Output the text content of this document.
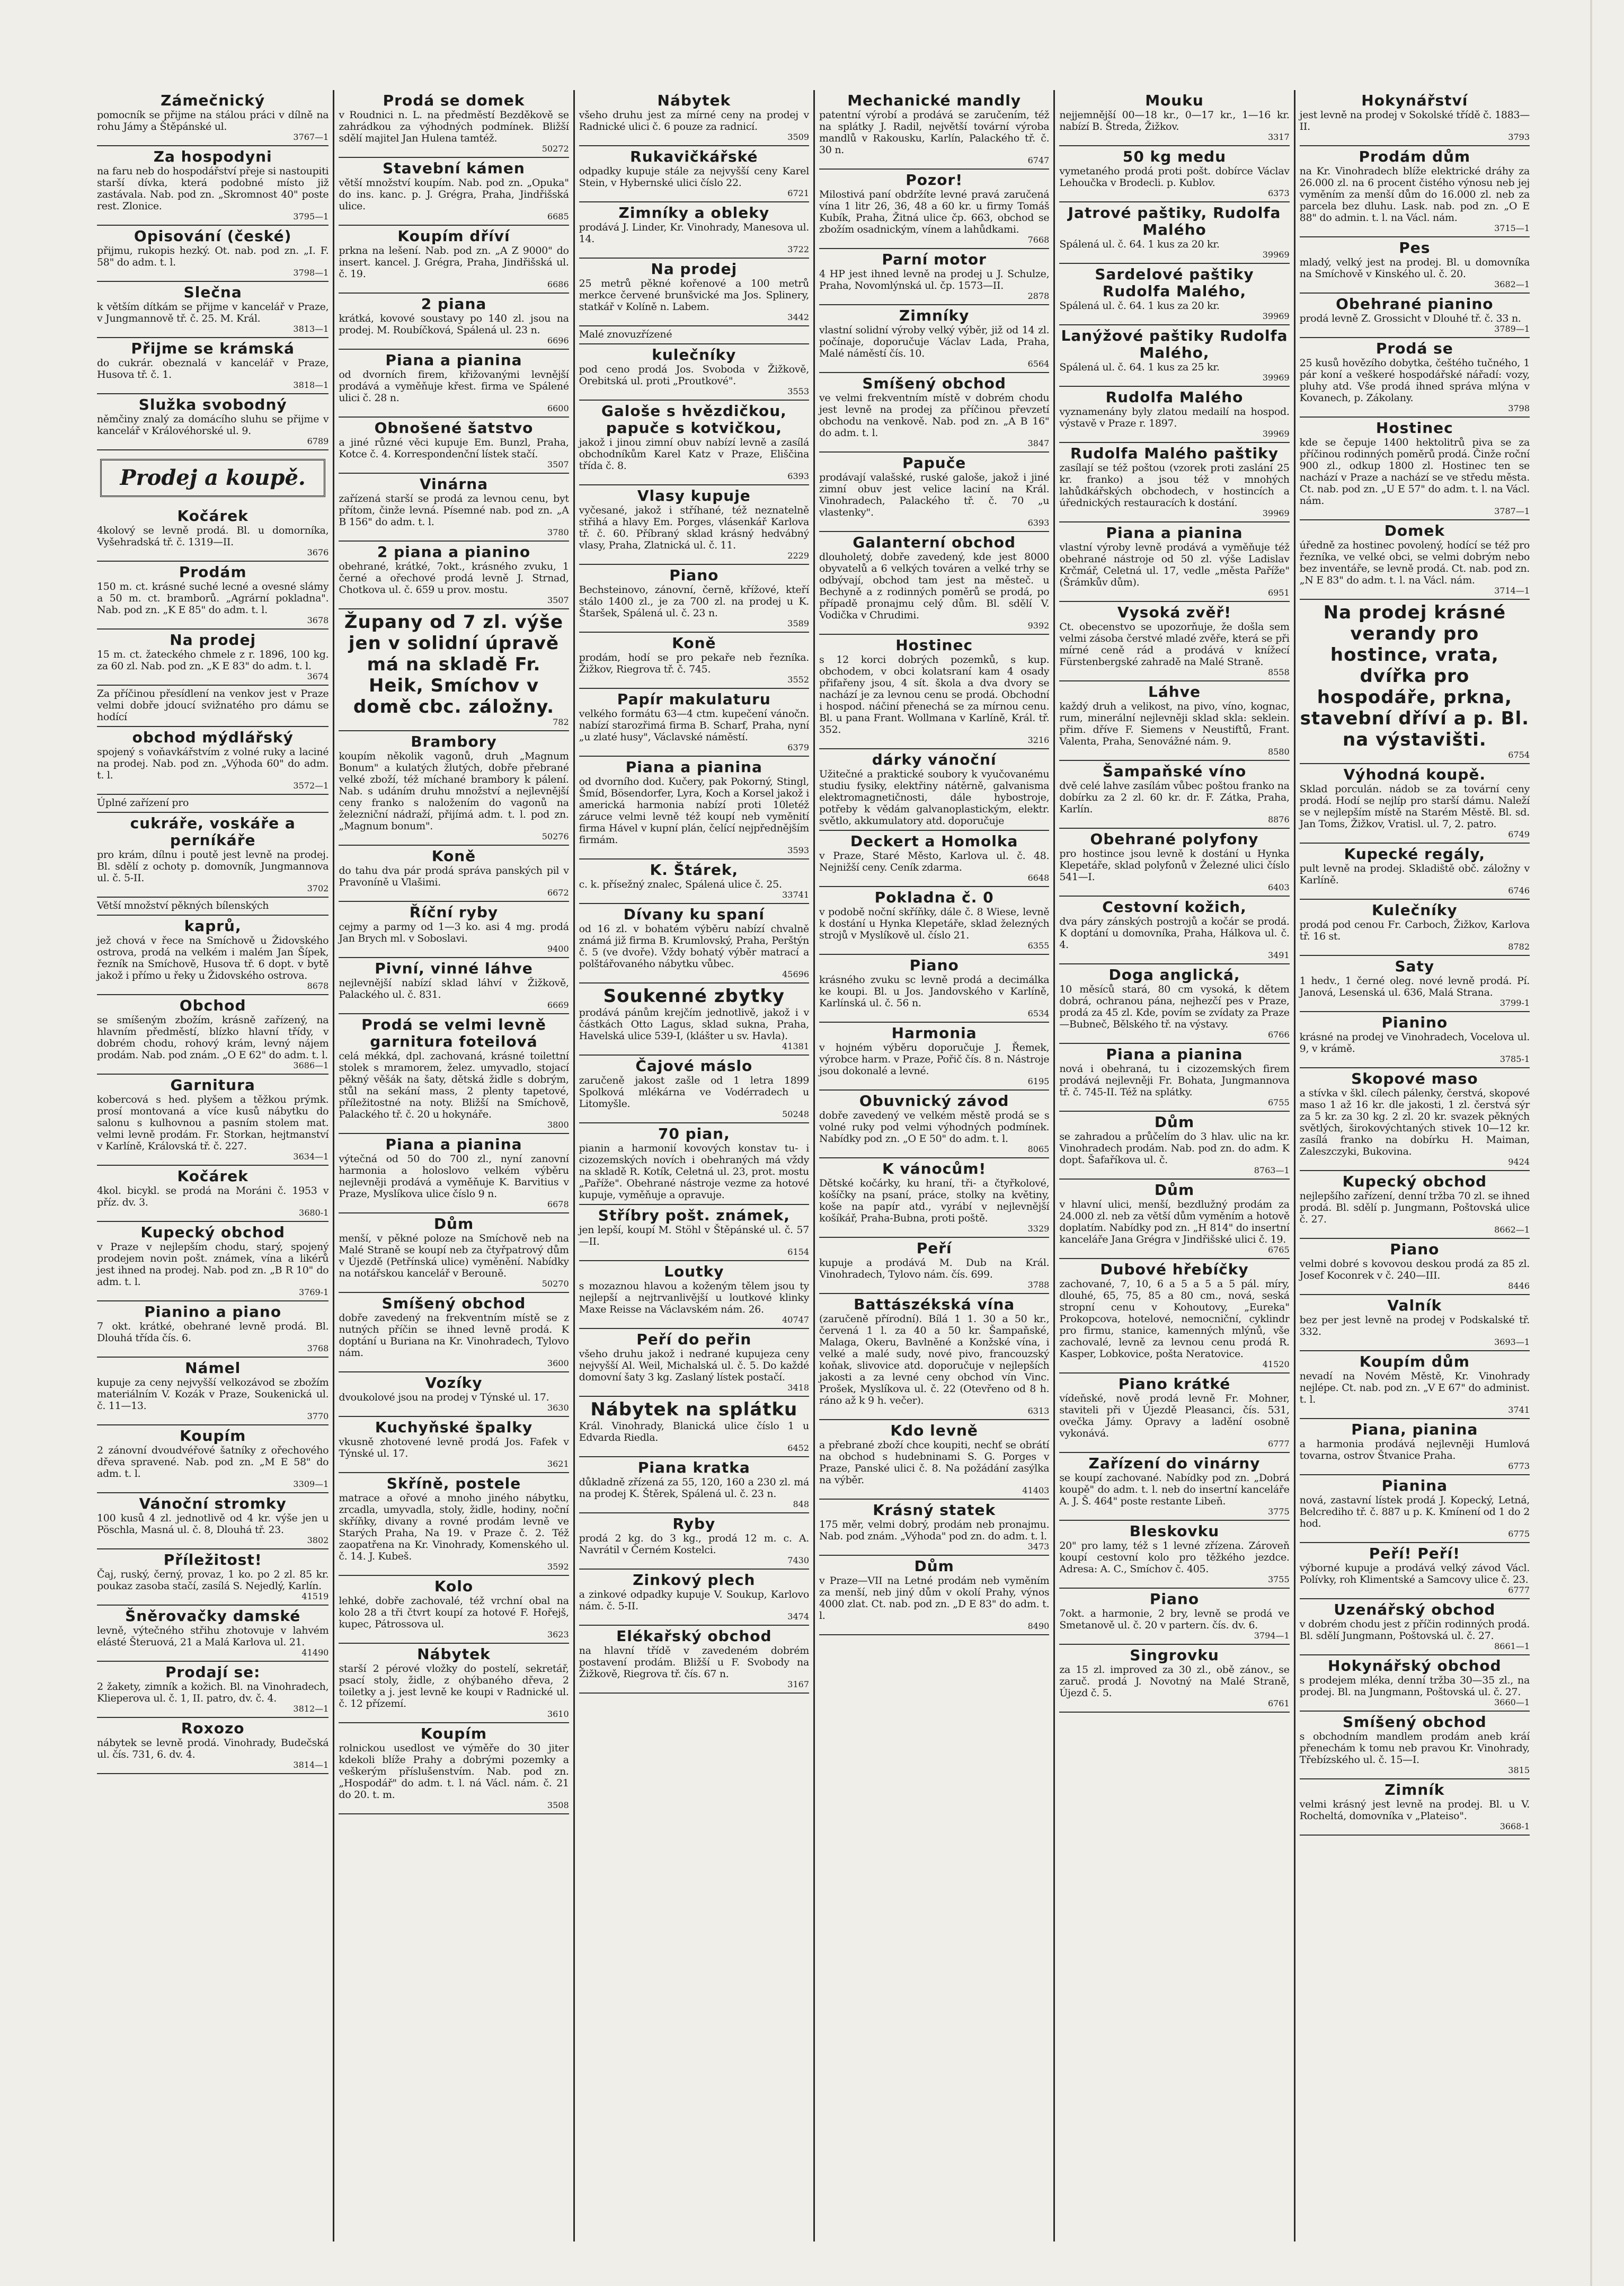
Zámečnický
pomocník se přijme na stálou práci v dílně na rohu Jámy a Štěpánské ul.
3767—1
Za hospodyni
na faru neb do hospodářství přeje si nastoupiti starší dívka, která podobné místo již zastávala. Nab. pod zn. „Skromnost 40" poste rest. Zlonice.
3795—1
Opisování (české)
přijmu, rukopis hezký. Ot. nab. pod zn. „I. F. 58" do adm. t. l.
3798—1
Slečna
k větším dítkám se přijme v kancelář v Praze, v Jungmannově tř. č. 25. M. Král.
3813—1
Přijme se krámská
do cukrár. obeznalá v kancelář v Praze, Husova tř. č. 1.
3818—1
Služka svobodný
němčiny znalý za domácího sluhu se přijme v kancelář v Královéhorské ul. 9.
6789
Prodej a koupě.
Kočárek
4kolový se levně prodá. Bl. u domorníka, Vyšehradská tř. č. 1319—II.
3676
Prodám
150 m. ct. krásné suché lecné a ovesné slámy a 50 m. ct. bramborů. „Agrární pokladna". Nab. pod zn. „K E 85" do adm. t. l.
3678
Na prodej
15 m. ct. žateckého chmele z r. 1896, 100 kg. za 60 zl. Nab. pod zn. „K E 83" do adm. t. l.
3674
Za příčinou přesídlení na venkov jest v Praze velmi dobře jdoucí svižnatého pro dámu se hodící
obchod mýdlářský
spojený s voňavkářstvím z volné ruky a laciné na prodej. Nab. pod zn. „Výhoda 60" do adm. t. l.
3572—1
Úplné zařízení pro
cukráře, voskáře a perníkáře
pro krám, dílnu i poutě jest levně na prodej. Bl. sdělí z ochoty p. domovník, Jungmannova ul. č. 5-II.
3702
Větší množství pěkných bílenských
kaprů,
jež chová v řece na Smíchově u Židovského ostrova, prodá na velkém i malém Jan Šípek, řezník na Smíchově, Husova tř. 6 dopt. v bytě jakož i přímo u řeky u Židovského ostrova.
8678
Obchod
se smíšeným zbožím, krásně zařízený, na hlavním předměstí, blízko hlavní třídy, v dobrém chodu, rohový krám, levný nájem prodám. Nab. pod znám. „O E 62" do adm. t. l.
3686—1
Garnitura
kobercová s hed. plyšem a těžkou prýmk. prosí montovaná a více kusů nábytku do salonu s kulhovnou a pasním stolem mat. velmi levně prodám. Fr. Storkan, hejtmanství v Karlíně, Královská tř. č. 227.
3634—1
Kočárek
4kol. bicykl. se prodá na Moráni č. 1953 v příz. dv. 3.
3680-1
Kupecký obchod
v Praze v nejlepším chodu, starý, spojený prodejem novin pošt. známek, vína a likérů jest ihned na prodej. Nab. pod zn. „B R 10" do adm. t. l.
3769-1
Pianino a piano
7 okt. krátké, obehrané levně prodá. Bl. Dlouhá třída čís. 6.
3768
Námel
kupuje za ceny nejvyšší velkozávod se zbožím materiálním V. Kozák v Praze, Soukenická ul. č. 11—13.
3770
Koupím
2 zánovní dvoudvéřové šatníky z ořechového dřeva spravené. Nab. pod zn. „M E 58" do adm. t. l.
3309—1
Vánoční stromky
100 kusů 4 zl. jednotlivě od 4 kr. výše jen u Pöschla, Masná ul. č. 8, Dlouhá tř. 23.
3802
Příležitost!
Čaj, ruský, černý, provaz, 1 ko. po 2 zl. 85 kr. poukaz zasoba stačí, zasílá S. Nejedlý, Karlín.
41519
Šněrovačky damské
levně, výtečného střihu zhotovuje v lahvém elásté Šteruová, 21 a Malá Karlova ul. 21.
41490
Prodají se:
2 žakety, zimník a kožich. Bl. na Vinohradech, Klieperova ul. č. 1, II. patro, dv. č. 4.
3812—1
Roxozo
nábytek se levně prodá. Vinohrady, Budečská ul. čís. 731, 6. dv. 4.
3814—1
Prodá se domek
v Roudnici n. L. na předměstí Bezděkově se zahrádkou za výhodných podmínek. Bližší sdělí majitel Jan Hulena tamtéž.
50272
Stavební kámen
větší množství koupím. Nab. pod zn. „Opuka" do ins. kanc. p. J. Grégra, Praha, Jindřišská ulice.
6685
Koupím dříví
prkna na lešení. Nab. pod zn. „A Z 9000" do insert. kancel. J. Grégra, Praha, Jindřišská ul. č. 19.
6686
2 piana
krátká, kovové soustavy po 140 zl. jsou na prodej. M. Roubíčková, Spálená ul. 23 n.
6696
Piana a pianina
od dvorních firem, křižovanými levnější prodává a vyměňuje křest. firma ve Spálené ulici č. 28 n.
6600
Obnošené šatstvo
a jiné různé věci kupuje Em. Bunzl, Praha, Kotce č. 4. Korrespondenční lístek stačí.
3507
Vinárna
zařízená starší se prodá za levnou cenu, byt přítom, činže levná. Písemné nab. pod zn. „A B 156" do adm. t. l.
3780
2 piana a pianino
obehrané, krátké, 7okt., krásného zvuku, 1 černé a ořechové prodá levně J. Strnad, Chotkova ul. č. 659 u prov. mostu.
3507
Župany od 7 zl. výše jen v solidní úpravě má na skladě Fr. Heik, Smíchov v domě cbc. záložny.
782
Brambory
koupím několik vagonů, druh „Magnum Bonum" a kulatých žlutých, dobře přebrané velké zboží, též míchané brambory k pálení. Nab. s udáním druhu množství a nejlevnější ceny franko s naložením do vagonů na železniční nádraží, přijímá adm. t. l. pod zn. „Magnum bonum".
50276
Koně
do tahu dva pár prodá správa panských pil v Pravoníně u Vlašimi.
6672
Říční ryby
cejmy a parmy od 1—3 ko. asi 4 mg. prodá Jan Brych ml. v Soboslavi.
9400
Pivní, vinné láhve
nejlevnější nabízí sklad láhví v Žižkově, Palackého ul. č. 831.
6669
Prodá se velmi levně garnitura foteilová
celá mékká, dpl. zachovaná, krásné toilettní stolek s mramorem, želez. umyvadlo, stojací pěkný věšák na šaty, dětská židle s dobrým, stůl na sekání mass, 2 plenty tapetové, příležitostné na noty. Bližší na Smíchově, Palackého tř. č. 20 u hokynáře.
3800
Piana a pianina
výtečná od 50 do 700 zl., nyní zanovní harmonia a holoslovo velkém výběru nejlevněji prodává a vyměňuje K. Barvitius v Praze, Myslíkova ulice číslo 9 n.
6678
Dům
menší, v pěkné poloze na Smíchově neb na Malé Straně se koupí neb za čtyřpatrový dům v Újezdě (Petřínská ulice) vyměnění. Nabídky na notářskou kancelář v Berouně.
50270
Smíšený obchod
dobře zavedený na frekventním místě se z nutných příčin se ihned levně prodá. K doptání u Buriana na Kr. Vinohradech, Tylovo nám.
3600
Vozíky
dvoukolové jsou na prodej v Týnské ul. 17.
3630
Kuchyňské špalky
vkusně zhotovené levně prodá Jos. Fafek v Týnské ul. 17.
3621
Skříně, postele
matrace a ořové a mnoho jiného nábytku, zrcadla, umyvadla, stoly, židle, hodiny, noční skříňky, divany a rovné prodám levně ve Starých Praha, Na 19. v Praze č. 2. Též zaopatřena na Kr. Vinohrady, Komenského ul. č. 14. J. Kubeš.
3592
Kolo
lehké, dobře zachovalé, též vrchní obal na kolo 28 a tři čtvrt koupí za hotové F. Hořejš, kupec, Pátrossova ul.
3623
Nábytek
starší 2 pérové vložky do postelí, sekretář, psací stoly, židle, z ohýbaného dřeva, 2 toiletky a j. jest levně ke koupi v Radnické ul. č. 12 přízemí.
3610
Koupím
rolnickou usedlost ve výměře do 30 jiter kdekoli blíže Prahy a dobrými pozemky a veškerým příslušenstvím. Nab. pod zn. „Hospodář" do adm. t. l. ná Václ. nám. č. 21 do 20. t. m.
3508
Nábytek
všeho druhu jest za mírné ceny na prodej v Radnické ulici č. 6 pouze za radnicí.
3509
Rukavičkářské
odpadky kupuje stále za nejvyšší ceny Karel Stein, v Hybernské ulici číslo 22.
6721
Zimníky a obleky
prodává J. Linder, Kr. Vinohrady, Manesova ul. 14.
3722
Na prodej
25 metrů pěkné kořenové a 100 metrů merkce červené brunšvické ma Jos. Splinery, statkář v Kolíně n. Labem.
3442
Malé znovuzřízené
kulečníky
pod ceno prodá Jos. Svoboda v Žižkově, Orebitská ul. proti „Proutkové".
3553
Galoše s hvězdičkou, papuče s kotvičkou,
jakož i jinou zimní obuv nabízí levně a zasílá obchodníkům Karel Katz v Praze, Eliščina třída č. 8.
6393
Vlasy kupuje
vyčesané, jakož i stříhané, též neznatelně střihá a hlavy Em. Porges, vlásenkář Karlova tř. č. 60. Příbraný sklad krásný hedvábný vlasy, Praha, Zlatnická ul. č. 11.
2229
Piano
Bechsteinovo, zánovní, černě, křížové, kteří stálo 1400 zl., je za 700 zl. na prodej u K. Štaršek, Spálená ul. č. 23 n.
3589
Koně
prodám, hodí se pro pekaře neb řezníka. Žižkov, Riegrova tř. č. 745.
3552
Papír makulaturu
velkého formátu 63—4 ctm. kupečení vánočn. nabízí starozřimá firma B. Scharf, Praha, nyní „u zlaté husy", Václavské náměstí.
6379
Piana a pianina
od dvorního dod. Kučery, pak Pokorný, Stingl, Šmíd, Bösendorfer, Lyra, Koch a Korsel jakož i americká harmonia nabízí proti 10letéž záruce velmi levně též koupí neb vyměnití firma Hável v kupní plán, čelící nejpřednějším firmám.
3593
K. Štárek,
c. k. přísežný znalec, Spálená ulice č. 25.
33741
Dívany ku spaní
od 16 zl. v bohatém výběru nabízí chvalně známá již firma B. Krumlovský, Praha, Perštýn č. 5 (ve dvoře). Vždy bohatý výběr matrací a polštářovaného nábytku vůbec.
45696
Soukenné zbytky
prodává pánům krejčím jednotlivě, jakož i v částkách Otto Lagus, sklad sukna, Praha, Havelská ulice 539-I, (klášter u sv. Havla).
41381
Čajové máslo
zaručeně jakost zašle od 1 letra 1899 Spolková mlékárna ve Vodérradech u Litomyšle.
50248
70 pian,
pianin a harmonií kovových konstav tu- i cizozemských novích i obehraných má vždy na skladě R. Kotík, Celetná ul. 23, prot. mostu „Paříže". Obehrané nástroje vezme za hotové kupuje, vyměňuje a opravuje.
Stříbry pošt. známek,
jen lepší, koupí M. Stöhl v Štěpánské ul. č. 57—II.
6154
Loutky
s mozaznou hlavou a koženým tělem jsou ty nejlepší a nejtrvanlivější u loutkové klinky Maxe Reisse na Václavském nám. 26.
40747
Peří do peřin
všeho druhu jakož i nedrané kupujeza ceny nejvyšší Al. Weil, Michalská ul. č. 5. Do každé domovní šaty 3 kg. Zaslaný lístek postačí.
3418
Nábytek na splátku
Král. Vinohrady, Blanická ulice číslo 1 u Edvarda Riedla.
6452
Piana kratka
důkladně zřízená za 55, 120, 160 a 230 zl. má na prodej K. Štěrek, Spálená ul. č. 23 n.
848
Ryby
prodá 2 kg. do 3 kg., prodá 12 m. c. A. Navrátil v Černém Kostelci.
7430
Zinkový plech
a zinkové odpadky kupuje V. Soukup, Karlovo nám. č. 5-II.
3474
Elékařský obchod
na hlavní třídě v zavedeném dobrém postavení prodám. Bližší u F. Svobody na Žižkově, Riegrova tř. čís. 67 n.
3167
Mechanické mandly
patentní výrobí a prodává se zaručením, též na splátky J. Radil, největší tovární výroba mandlů v Rakousku, Karlín, Palackého tř. č. 30 n.
6747
Pozor!
Milostivá paní obdržíte levné pravá zaručená vína 1 litr 26, 36, 48 a 60 kr. u firmy Tomáš Kubík, Praha, Žitná ulice čp. 663, obchod se zbožím osadnickým, vínem a lahůdkami.
7668
Parní motor
4 HP jest ihned levně na prodej u J. Schulze, Praha, Novomlýnská ul. čp. 1573—II.
2878
Zimníky
vlastní solidní výroby velký výběr, již od 14 zl. počínaje, doporučuje Václav Lada, Praha, Malé náměstí čís. 10.
6564
Smíšený obchod
ve velmi frekventním místě v dobrém chodu jest levně na prodej za příčinou převzetí obchodu na venkově. Nab. pod zn. „A B 16" do adm. t. l.
3847
Papuče
prodávají valašské, ruské galoše, jakož i jiné zimní obuv jest velice laciní na Král. Vinohradech, Palackého tř. č. 70 „u vlastenky".
6393
Galanterní obchod
dlouholetý, dobře zavedený, kde jest 8000 obyvatelů a 6 velkých továren a velké trhy se odbývají, obchod tam jest na městeč. u Bechyně a z rodinných poměrů se prodá, po případě pronajmu celý dům. Bl. sdělí V. Vodička v Chrudimi.
9392
Hostinec
s 12 korci dobrých pozemků, s kup. obchodem, v obci kolatsraní kam 4 osady přifařeny jsou, 4 sít. škola a dva dvory se nachází je za levnou cenu se prodá. Obchodní i hospod. náčiní přenechá se za mírnou cenu. Bl. u pana Frant. Wollmana v Karlíně, Král. tř. 352.
3216
dárky vánoční
Užitečné a praktické soubory k vyučovanému studiu fysiky, elektřiny nátěrně, galvanisma elektromagnetičnosti, dále hybostroje, potřeby k vědám galvanoplastickým, elektr. světlo, akkumulatory atd. doporučuje
Deckert a Homolka
v Praze, Staré Město, Karlova ul. č. 48. Nejnižší ceny. Ceník zdarma.
6648
Pokladna č. 0
v podobě noční skříňky, dále č. 8 Wiese, levně k dostání u Hynka Klepetáře, sklad železných strojů v Myslíkově ul. číslo 21.
6355
Piano
krásného zvuku sc levně prodá a decimálka ke koupi. Bl. u Jos. Jandovského v Karlíně, Karlínská ul. č. 56 n.
6534
Harmonia
v hojném výběru doporučuje J. Řemek, výrobce harm. v Praze, Pořič čís. 8 n. Nástroje jsou dokonalé a levné.
6195
Obuvnický závod
dobře zavedený ve velkém městě prodá se s volné ruky pod velmi výhodných podmínek. Nabídky pod zn. „O E 50" do adm. t. l.
8065
K vánocům!
Dětské kočárky, ku hraní, tři- a čtyřkolové, košíčky na psaní, práce, stolky na květiny, koše na papír atd., vyrábí v nejlevnější košíkář, Praha-Bubna, proti poště.
3329
Peří
kupuje a prodává M. Dub na Král. Vinohradech, Tylovo nám. čís. 699.
3788
Battászékská vína
(zaručeně přírodní). Bílá 1 1. 30 a 50 kr., červená 1 l. za 40 a 50 kr. Šampaňské, Malaga, Okeru, Bavlněné a Konžské vína, i velké a malé sudy, nové pivo, francouzský koňak, slivovice atd. doporučuje v nejlepších jakosti a za levné ceny obchod vín Vinc. Prošek, Myslíkova ul. č. 22 (Otevřeno od 8 h. ráno až k 9 h. večer).
6313
Kdo levně
a přebrané zboží chce koupiti, nechť se obrátí na obchod s hudebninami S. G. Porges v Praze, Panské ulici č. 8. Na požádání zasýlka na výběr.
41403
Krásný statek
175 měr, velmi dobrý, prodám neb pronajmu. Nab. pod znám. „Výhoda" pod zn. do adm. t. l.
3473
Dům
v Praze—VII na Letné prodám neb vyměním za menší, neb jiný dům v okolí Prahy, výnos 4000 zlat. Ct. nab. pod zn. „D E 83" do adm. t. l.
8490
Mouku
nejjemnější 00—18 kr., 0—17 kr., 1—16 kr. nabízí B. Štreda, Žižkov.
3317
50 kg medu
vymetaného prodá proti pošt. dobírce Václav Lehoučka v Brodecli. p. Kublov.
6373
Jatrové paštiky, Rudolfa Malého
Spálená ul. č. 64. 1 kus za 20 kr.
39969
Sardelové paštiky Rudolfa Malého,
Spálená ul. č. 64. 1 kus za 20 kr.
39969
Lanýžové paštiky Rudolfa Malého,
Spálená ul. č. 64. 1 kus za 25 kr.
39969
Rudolfa Malého
vyznamenány byly zlatou medailí na hospod. výstavě v Praze r. 1897.
39969
Rudolfa Malého paštiky
zasílají se též poštou (vzorek proti zaslání 25 kr. franko) a jsou též v mnohých lahůdkářských obchodech, v hostincích a úřednických restauracích k dostání.
39969
Piana a pianina
vlastní výroby levně prodává a vyměňuje též obehrané nástroje od 50 zl. výše Ladislav Krčmář, Celetná ul. 17, vedle „města Paříže" (Šrámkův dům).
6951
Vysoká zvěř!
Ct. obecenstvo se upozorňuje, že došla sem velmi zásoba čerstvé mladé zvěře, která se při mírné ceně rád a prodává v knížecí Fürstenbergské zahradě na Malé Straně.
8558
Láhve
každý druh a velikost, na pivo, víno, kognac, rum, minerální nejlevněji sklad skla: seklein. přim. dříve F. Siemens v Neustiftů, Frant. Valenta, Praha, Senovážné nám. 9.
8580
Šampaňské víno
dvě celé lahve zasílám vůbec poštou franko na dobírku za 2 zl. 60 kr. dr. F. Zátka, Praha, Karlín.
8876
Obehrané polyfony
pro hostince jsou levně k dostání u Hynka Klepetáře, sklad polyfonů v Železné ulici číslo 541—I.
6403
Cestovní kožich,
dva páry zánských postrojů a kočár se prodá. K doptání u domovníka, Praha, Hálkova ul. č. 4.
3491
Doga anglická,
10 měsíců stará, 80 cm vysoká, k dětem dobrá, ochranou pána, nejhezčí pes v Praze, prodá za 45 zl. Kde, povím se zvídaty za Praze—Bubneč, Bělského tř. na výstavy.
6766
Piana a pianina
nová i obehraná, tu i cizozemských firem prodává nejlevněji Fr. Bohata, Jungmannova tř. č. 745-II. Též na splátky.
6755
Dům
se zahradou a průčelím do 3 hlav. ulic na kr. Vinohradech prodám. Nab. pod zn. do adm. K dopt. Šafaříkova ul. č.
8763—1
Dům
v hlavní ulici, menší, bezdlužný prodám za 24.000 zl. neb za větší dům vyměním a hotově doplatím. Nabídky pod zn. „H 814" do insertní kanceláře Jana Grégra v Jindřišské ulici č. 19.
6765
Dubové hřebíčky
zachované, 7, 10, 6 a 5 a 5 a 5 pál. míry, dlouhé, 65, 75, 85 a 80 cm., nová, seská stropní cenu v Kohoutovy, „Eureka" Prokopcova, hotelové, nemocniční, cyklindr pro firmu, stanice, kamenných mlýnů, vše zachovalé, levně za levnou cenu prodá R. Kasper, Lobkovice, pošta Neratovice.
41520
Piano krátké
vídeňské, nově prodá levně Fr. Mohner, staviteli při v Újezdě Pleasanci, čís. 531, ovečka Jámy. Opravy a ladění osobně vykonává.
6777
Zařízení do vinárny
se koupí zachované. Nabídky pod zn. „Dobrá koupě" do adm. t. l. neb do insertní kanceláře A. J. Š. 464" poste restante Libeň.
3775
Bleskovku
20" pro lamy, též s 1 levné zřízena. Zároveň koupí cestovní kolo pro těžkého jezdce. Adresa: A. C., Smíchov č. 405.
3755
Piano
7okt. a harmonie, 2 bry, levně se prodá ve Smetanově ul. č. 20 v partern. čís. dv. 6.
3794—1
Singrovku
za 15 zl. improved za 30 zl., obě zánov., se zaruč. prodá J. Novotný na Malé Straně, Újezd č. 5.
6761
Hokynářství
jest levně na prodej v Sokolské třídě č. 1883—II.
3793
Prodám dům
na Kr. Vinohradech blíže elektrické dráhy za 26.000 zl. na 6 procent čistého výnosu neb jej vyměním za menší dům do 16.000 zl. neb za parcela bez dluhu. Lask. nab. pod zn. „O E 88" do admin. t. l. na Václ. nám.
3715—1
Pes
mladý, velký jest na prodej. Bl. u domovníka na Smíchově v Kinského ul. č. 20.
3682—1
Obehrané pianino
prodá levně Z. Grossicht v Dlouhé tř. č. 33 n.
3789—1
Prodá se
25 kusů hovězího dobytka, češtého tučného, 1 pár koní a veškeré hospodářské nářadí: vozy, pluhy atd. Vše prodá ihned správa mlýna v Kovanech, p. Zákolany.
3798
Hostinec
kde se čepuje 1400 hektolitrů piva se za příčinou rodinných poměrů prodá. Činže roční 900 zl., odkup 1800 zl. Hostinec ten se nachází v Praze a nachází se ve středu města. Ct. nab. pod zn. „U E 57" do adm. t. l. na Václ. nám.
3787—1
Domek
úředně za hostinec povolený, hodící se též pro řezníka, ve velké obci, se velmi dobrým nebo bez inventáře, se levně prodá. Ct. nab. pod zn. „N E 83" do adm. t. l. na Václ. nám.
3714—1
Na prodej krásné verandy pro hostince, vrata, dvířka pro hospodáře, prkna, stavební dříví a p. Bl. na výstavišti.
6754
Výhodná koupě.
Sklad porculán. nádob se za tovární ceny prodá. Hodí se nejlíp pro starší dámu. Naleží se v nejlepším místě na Starém Městě. Bl. sd. Jan Toms, Žižkov, Vratisl. ul. 7, 2. patro.
6749
Kupecké regály,
pult levně na prodej. Skladiště obč. záložny v Karlíně.
6746
Kulečníky
prodá pod cenou Fr. Carboch, Žižkov, Karlova tř. 16 st.
8782
Saty
1 hedv., 1 černé oleg. nové levně prodá. Pí. Janová, Lesenská ul. 636, Malá Strana.
3799-1
Pianino
krásné na prodej ve Vinohradech, Vocelova ul. 9, v krámě.
3785-1
Skopové maso
a stívka v škl. cílech pálenky, čerstvá, skopové maso 1 až 16 kr. dle jakosti, 1 zl. čerstvá sýr za 5 kr. za 30 kg. 2 zl. 20 kr. svazek pěkných světlých, širokovýchtaných stivek 10—12 kr. zasílá franko na dobírku H. Maiman, Zaleszczyki, Bukovina.
9424
Kupecký obchod
nejlepšího zařízení, denní tržba 70 zl. se ihned prodá. Bl. sdělí p. Jungmann, Poštovská ulice č. 27.
8662—1
Piano
velmi dobré s kovovou deskou prodá za 85 zl. Josef Koconrek v č. 240—III.
8446
Valník
bez per jest levně na prodej v Podskalské tř. 332.
3693—1
Koupím dům
nevadí na Novém Městě, Kr. Vinohrady nejlépe. Ct. nab. pod zn. „V E 67" do administ. t. l.
3741
Piana, pianina
a harmonia prodává nejlevněji Humlová tovarna, ostrov Štvanice Praha.
6773
Pianina
nová, zastavní lístek prodá J. Kopecký, Letná, Belcrediho tř. č. 887 u p. K. Kmínení od 1 do 2 hod.
6775
Peří! Peří!
výborné kupuje a prodává velký závod Václ. Polívky, roh Klimentské a Samcovy ulice č. 23.
6777
Uzenářský obchod
v dobrém chodu jest z příčin rodinných prodá. Bl. sdělí Jungmann, Poštovská ul. č. 27.
8661—1
Hokynářský obchod
s prodejem mléka, denní tržba 30—35 zl., na prodej. Bl. na Jungmann, Poštovská ul. č. 27.
3660—1
Smíšený obchod
s obchodním mandlem prodám aneb kráí přenechám k tomu neb pravou Kr. Vinohrady, Třebízského ul. č. 15—I.
3815
Zimník
velmi krásný jest levně na prodej. Bl. u V. Rocheltá, domovníka v „Plateiso".
3668-1
